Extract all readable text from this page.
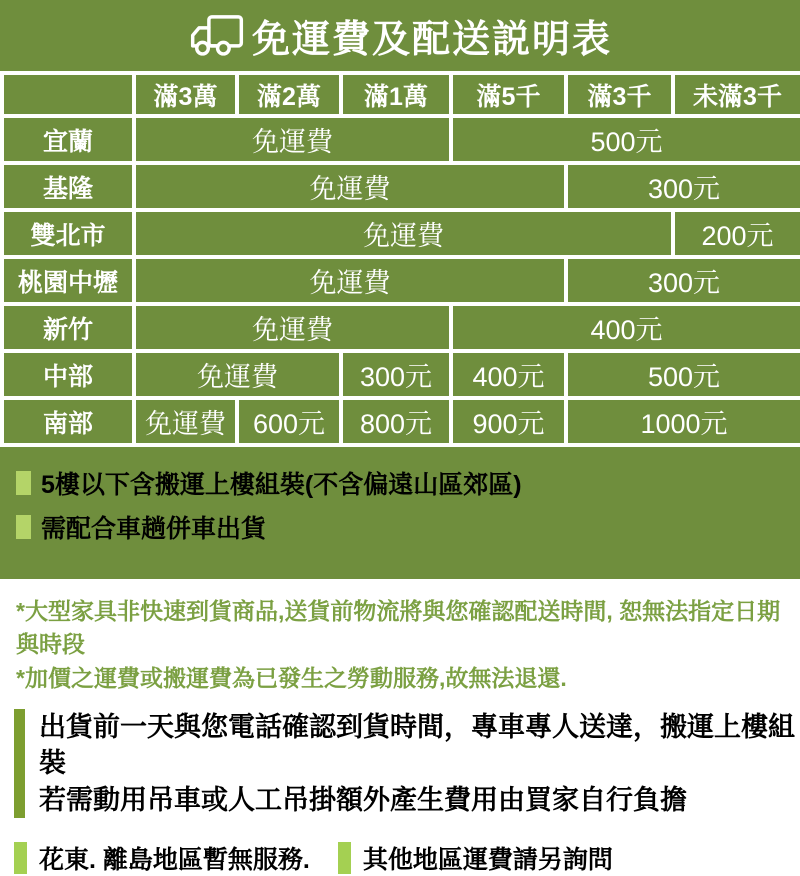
免運費及配送説明表
	滿3萬	滿2萬	滿1萬	滿5千	滿3千	未滿3千
宜蘭	免運費			500元		
基隆	免運費				300元	
雙北市	免運費					200元
桃園中壢	免運費				300元	
新竹	免運費			400元		
中部	免運費		300元	400元	500元	
南部	免運費	600元	800元	900元	1000元	
5樓以下含搬運上樓組裝(不含偏遠山區郊區)
需配合車趟併車出貨
*大型家具非快速到貨商品,送貨前物流將與您確認配送時間, 恕無法指定日期與時段
*加價之運費或搬運費為已發生之勞動服務,故無法退還.
出貨前一天與您電話確認到貨時間，專車專人送達，搬運上樓組裝
若需動用吊車或人工吊掛額外產生費用由買家自行負擔
花東. 離島地區暫無服務. 其他地區運費請另詢問
